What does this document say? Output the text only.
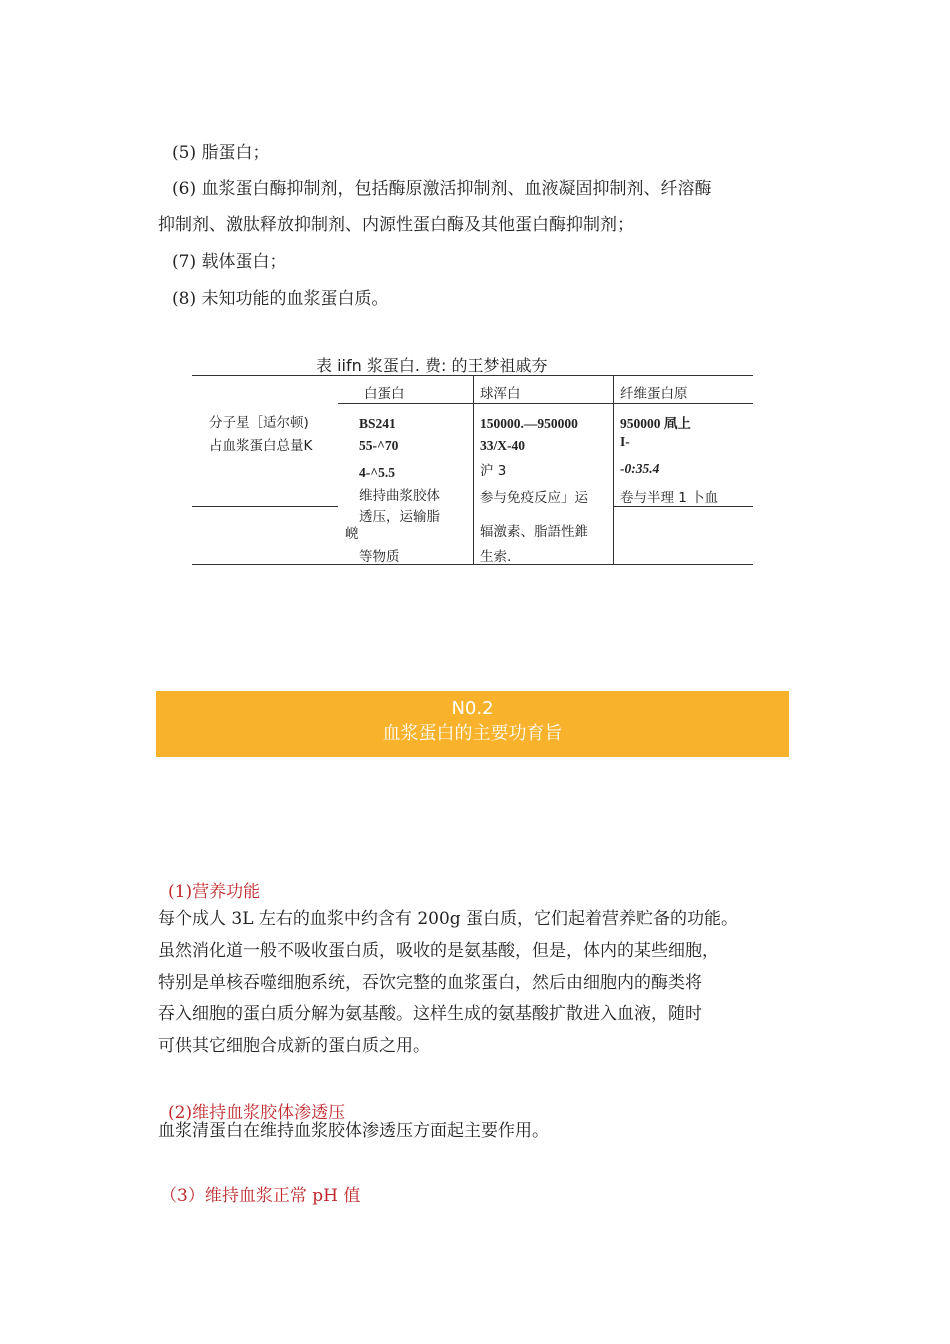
(5) 脂蛋白；
(6) 血浆蛋白酶抑制剂，包括酶原激活抑制剂、血液凝固抑制剂、纤溶酶
抑制剂、激肽释放抑制剂、内源性蛋白酶及其他蛋白酶抑制剂；
(7) 载体蛋白；
(8) 未知功能的血浆蛋白质。
表 iifn 浆蛋白. 费: 的王梦祖戚夯
白蛋白	球浑白	纤维蛋白原
分子星［适尔顿)
占血浆蛋白总量K
BS241
55-^70
4-^5.5
维持曲浆胶体
透压，运输脂
㟅
等物质
150000.—950000
33/X-40
沪 3
参与免疫反应」运
辐激素、脂語性錐
生索.
950000 凮上
I-
-0:35.4
卷与半理 1 卜血
N0.2
血浆蛋白的主要功育旨
(1)营养功能
每个成人 3L 左右的血浆中约含有 200g 蛋白质，它们起着营养贮备的功能。
虽然消化道一般不吸收蛋白质，吸收的是氨基酸，但是，体内的某些细胞，
特别是单核吞噬细胞系统，吞饮完整的血浆蛋白，然后由细胞内的酶类将
吞入细胞的蛋白质分解为氨基酸。这样生成的氨基酸扩散进入血液，随时
可供其它细胞合成新的蛋白质之用。
(2)维持血浆胶体渗透压
血浆清蛋白在维持血浆胶体渗透压方面起主要作用。
（3）维持血浆正常 pH 值
